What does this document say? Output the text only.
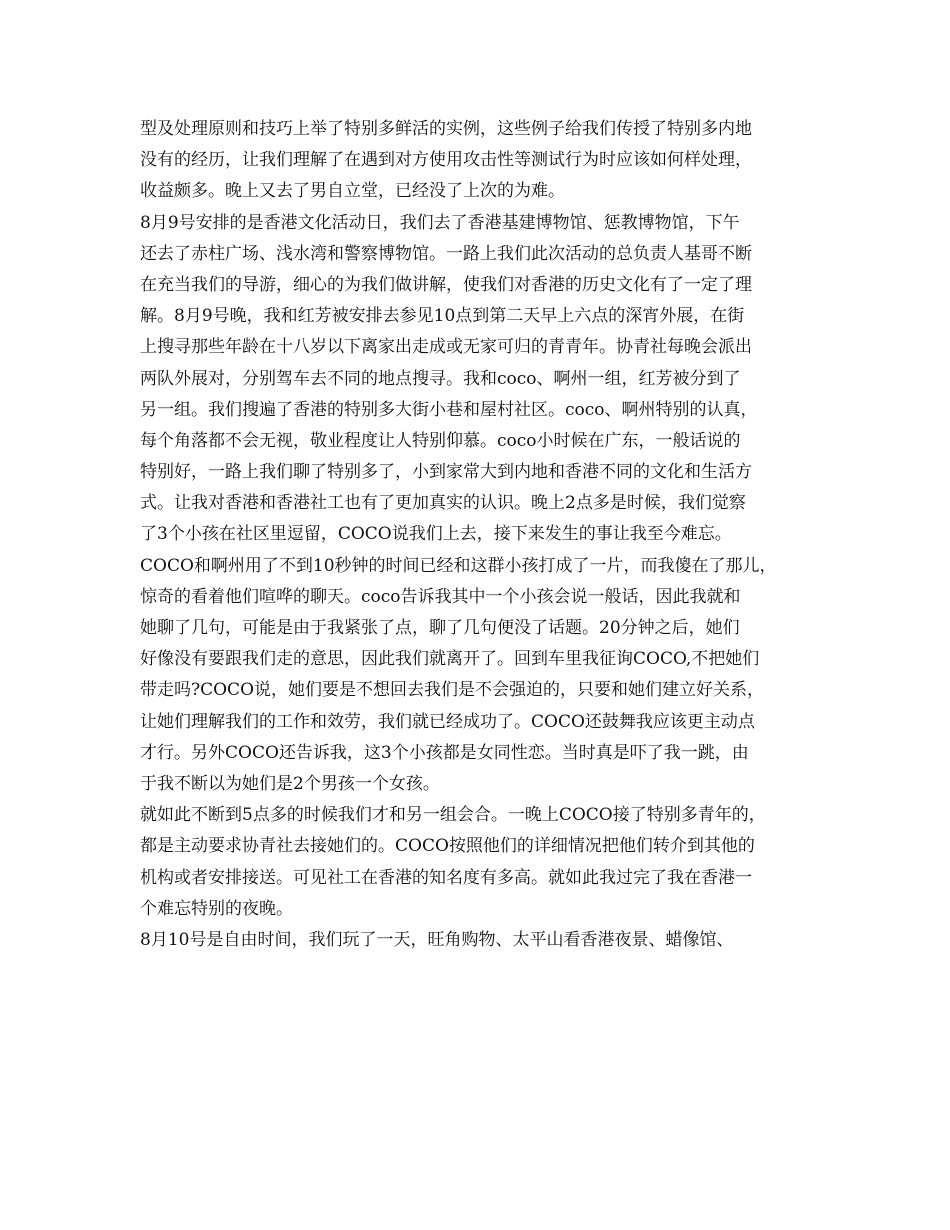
型及处理原则和技巧上举了特别多鲜活的实例，这些例子给我们传授了特别多内地
没有的经历，让我们理解了在遇到对方使用攻击性等测试行为时应该如何样处理，
收益颇多。晚上又去了男自立堂，已经没了上次的为难。
8月9号安排的是香港文化活动日，我们去了香港基建博物馆、惩教博物馆，下午
还去了赤柱广场、浅水湾和警察博物馆。一路上我们此次活动的总负责人基哥不断
在充当我们的导游，细心的为我们做讲解，使我们对香港的历史文化有了一定了理
解。8月9号晚，我和红芳被安排去参见10点到第二天早上六点的深宵外展，在街
上搜寻那些年龄在十八岁以下离家出走成或无家可归的青青年。协青社每晚会派出
两队外展对，分别驾车去不同的地点搜寻。我和coco、啊州一组，红芳被分到了
另一组。我们搜遍了香港的特别多大街小巷和屋村社区。coco、啊州特别的认真，
每个角落都不会无视，敬业程度让人特别仰慕。coco小时候在广东，一般话说的
特别好，一路上我们聊了特别多了，小到家常大到内地和香港不同的文化和生活方
式。让我对香港和香港社工也有了更加真实的认识。晚上2点多是时候，我们觉察
了3个小孩在社区里逗留，COCO说我们上去，接下来发生的事让我至今难忘。
COCO和啊州用了不到10秒钟的时间已经和这群小孩打成了一片，而我傻在了那儿，
惊奇的看着他们喧哗的聊天。coco告诉我其中一个小孩会说一般话，因此我就和
她聊了几句，可能是由于我紧张了点，聊了几句便没了话题。20分钟之后，她们
好像没有要跟我们走的意思，因此我们就离开了。回到车里我征询COCO,不把她们
带走吗?COCO说，她们要是不想回去我们是不会强迫的，只要和她们建立好关系，
让她们理解我们的工作和效劳，我们就已经成功了。COCO还鼓舞我应该更主动点
才行。另外COCO还告诉我，这3个小孩都是女同性恋。当时真是吓了我一跳，由
于我不断以为她们是2个男孩一个女孩。
就如此不断到5点多的时候我们才和另一组会合。一晚上COCO接了特别多青年的，
都是主动要求协青社去接她们的。COCO按照他们的详细情况把他们转介到其他的
机构或者安排接送。可见社工在香港的知名度有多高。就如此我过完了我在香港一
个难忘特别的夜晚。
8月10号是自由时间，我们玩了一天，旺角购物、太平山看香港夜景、蜡像馆、
